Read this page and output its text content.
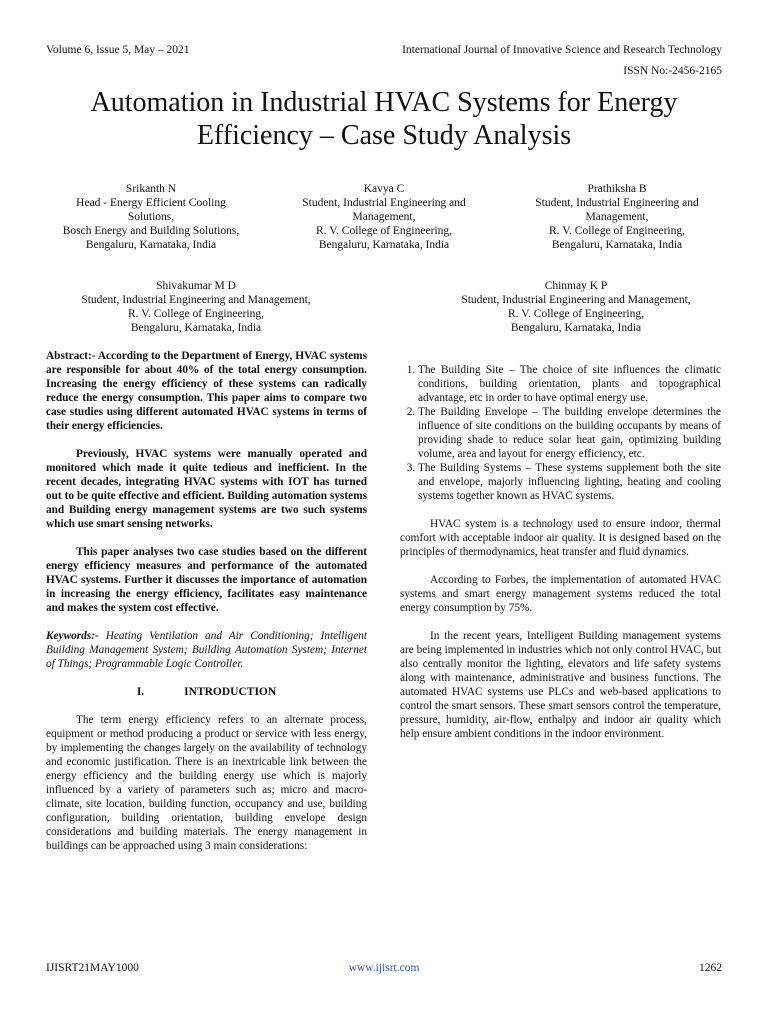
Volume 6, Issue 5, May – 2021	International Journal of Innovative Science and Research Technology
ISSN No:-2456-2165
Automation in Industrial HVAC Systems for Energy
Efficiency – Case Study Analysis
Srikanth N
Head - Energy Efficient Cooling
Solutions,
Bosch Energy and Building Solutions,
Bengaluru, Karnataka, India
Kavya C
Student, Industrial Engineering and
Management,
R. V. College of Engineering,
Bengaluru, Karnataka, India
Prathiksha B
Student, Industrial Engineering and
Management,
R. V. College of Engineering,
Bengaluru, Karnataka, India
Shivakumar M D
Student, Industrial Engineering and Management,
R. V. College of Engineering,
Bengaluru, Karnataka, India
Chinmay K P
Student, Industrial Engineering and Management,
R. V. College of Engineering,
Bengaluru, Karnataka, India

Abstract:- According to the Department of Energy, HVAC systems are responsible for about 40% of the total energy consumption. Increasing the energy efficiency of these systems can radically reduce the energy consumption. This paper aims to compare two case studies using different automated HVAC systems in terms of their energy efficiencies.

Previously, HVAC systems were manually operated and monitored which made it quite tedious and inefficient. In the recent decades, integrating HVAC systems with IOT has turned out to be quite effective and efficient. Building automation systems and Building energy management systems are two such systems which use smart sensing networks.

This paper analyses two case studies based on the different energy efficiency measures and performance of the automated HVAC systems. Further it discusses the importance of automation in increasing the energy efficiency, facilitates easy maintenance and makes the system cost effective.

Keywords:- Heating Ventilation and Air Conditioning; Intelligent Building Management System; Building Automation System; Internet of Things; Programmable Logic Controller.

I.	INTRODUCTION

The term energy efficiency refers to an alternate process, equipment or method producing a product or service with less energy, by implementing the changes largely on the availability of technology and economic justification. There is an inextricable link between the energy efficiency and the building energy use which is majorly influenced by a variety of parameters such as; micro and macro-climate, site location, building function, occupancy and use, building configuration, building orientation, building envelope design considerations and building materials. The energy management in buildings can be approached using 3 main considerations:

1. The Building Site – The choice of site influences the climatic conditions, building orientation, plants and topographical advantage, etc in order to have optimal energy use.
2. The Building Envelope – The building envelope determines the influence of site conditions on the building occupants by means of providing shade to reduce solar heat gain, optimizing building volume, area and layout for energy efficiency, etc.
3. The Building Systems – These systems supplement both the site and envelope, majorly influencing lighting, heating and cooling systems together known as HVAC systems.

HVAC system is a technology used to ensure indoor, thermal comfort with acceptable indoor air quality. It is designed based on the principles of thermodynamics, heat transfer and fluid dynamics.

According to Forbes, the implementation of automated HVAC systems and smart energy management systems reduced the total energy consumption by 75%.

In the recent years, Intelligent Building management systems are being implemented in industries which not only control HVAC, but also centrally monitor the lighting, elevators and life safety systems along with maintenance, administrative and business functions. The automated HVAC systems use PLCs and web-based applications to control the smart sensors. These smart sensors control the temperature, pressure, humidity, air-flow, enthalpy and indoor air quality which help ensure ambient conditions in the indoor environment.

IJISRT21MAY1000	www.ijisrt.com	1262
